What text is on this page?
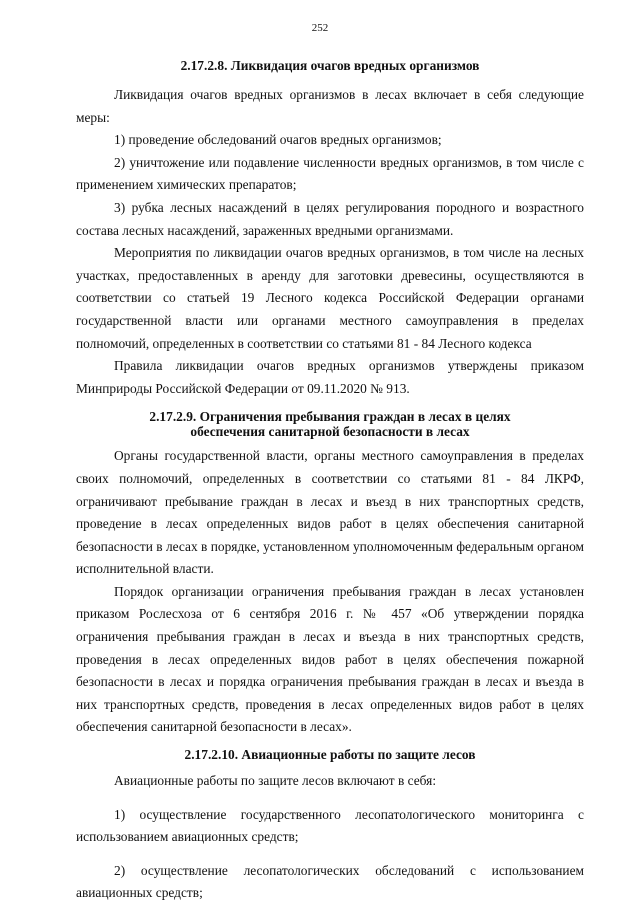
252
2.17.2.8. Ликвидация очагов вредных организмов

Ликвидация очагов вредных организмов в лесах включает в себя следующие меры:

1) проведение обследований очагов вредных организмов;

2) уничтожение или подавление численности вредных организмов, в том числе с применением химических препаратов;

3) рубка лесных насаждений в целях регулирования породного и возрастного состава лесных насаждений, зараженных вредными организмами.

Мероприятия по ликвидации очагов вредных организмов, в том числе на лесных участках, предоставленных в аренду для заготовки древесины, осуществляются в соответствии со статьей 19 Лесного кодекса Российской Федерации органами государственной власти или органами местного самоуправления в пределах полномочий, определенных в соответствии со статьями 81 - 84 Лесного кодекса

Правила ликвидации очагов вредных организмов утверждены приказом Минприроды Российской Федерации от 09.11.2020 № 913.

2.17.2.9. Ограничения пребывания граждан в лесах в целях
обеспечения санитарной безопасности в лесах

Органы государственной власти, органы местного самоуправления в пределах своих полномочий, определенных в соответствии со статьями 81 - 84 ЛКРФ, ограничивают пребывание граждан в лесах и въезд в них транспортных средств, проведение в лесах определенных видов работ в целях обеспечения санитарной безопасности в лесах в порядке, установленном уполномоченным федеральным органом исполнительной власти.

Порядок организации ограничения пребывания граждан в лесах установлен приказом Рослесхоза от 6 сентября 2016 г. № 457 «Об утверждении порядка ограничения пребывания граждан в лесах и въезда в них транспортных средств, проведения в лесах определенных видов работ в целях обеспечения пожарной безопасности в лесах и порядка ограничения пребывания граждан в лесах и въезда в них транспортных средств, проведения в лесах определенных видов работ в целях обеспечения санитарной безопасности в лесах».

2.17.2.10. Авиационные работы по защите лесов

Авиационные работы по защите лесов включают в себя:

1) осуществление государственного лесопатологического мониторинга с использованием авиационных средств;

2) осуществление лесопатологических обследований с использованием авиационных средств;
